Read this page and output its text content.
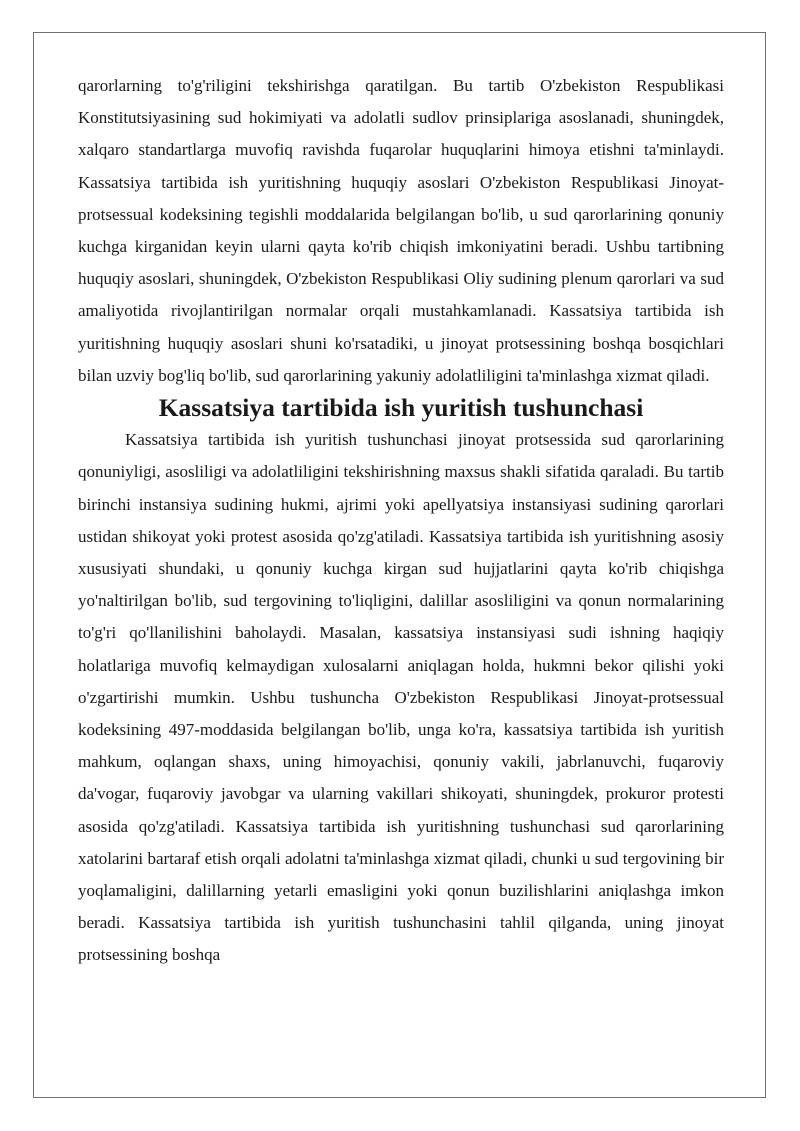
qarorlarning to'g'riligini tekshirishga qaratilgan. Bu tartib O'zbekiston Respublikasi Konstitutsiyasining sud hokimiyati va adolatli sudlov prinsiplariga asoslanadi, shuningdek, xalqaro standartlarga muvofiq ravishda fuqarolar huquqlarini himoya etishni ta'minlaydi. Kassatsiya tartibida ish yuritishning huquqiy asoslari O'zbekiston Respublikasi Jinoyat-protsessual kodeksining tegishli moddalarida belgilangan bo'lib, u sud qarorlarining qonuniy kuchga kirganidan keyin ularni qayta ko'rib chiqish imkoniyatini beradi. Ushbu tartibning huquqiy asoslari, shuningdek, O'zbekiston Respublikasi Oliy sudining plenum qarorlari va sud amaliyotida rivojlantirilgan normalar orqali mustahkamlanadi. Kassatsiya tartibida ish yuritishning huquqiy asoslari shuni ko'rsatadiki, u jinoyat protsessining boshqa bosqichlari bilan uzviy bog'liq bo'lib, sud qarorlarining yakuniy adolatliligini ta'minlashga xizmat qiladi.

Kassatsiya tartibida ish yuritish tushunchasi

Kassatsiya tartibida ish yuritish tushunchasi jinoyat protsessida sud qarorlarining qonuniyligi, asosliligi va adolatliligini tekshirishning maxsus shakli sifatida qaraladi. Bu tartib birinchi instansiya sudining hukmi, ajrimi yoki apellyatsiya instansiyasi sudining qarorlari ustidan shikoyat yoki protest asosida qo'zg'atiladi. Kassatsiya tartibida ish yuritishning asosiy xususiyati shundaki, u qonuniy kuchga kirgan sud hujjatlarini qayta ko'rib chiqishga yo'naltirilgan bo'lib, sud tergovining to'liqligini, dalillar asosliligini va qonun normalarining to'g'ri qo'llanilishini baholaydi. Masalan, kassatsiya instansiyasi sudi ishning haqiqiy holatlariga muvofiq kelmaydigan xulosalarni aniqlagan holda, hukmni bekor qilishi yoki o'zgartirishi mumkin. Ushbu tushuncha O'zbekiston Respublikasi Jinoyat-protsessual kodeksining 497-moddasida belgilangan bo'lib, unga ko'ra, kassatsiya tartibida ish yuritish mahkum, oqlangan shaxs, uning himoyachisi, qonuniy vakili, jabrlanuvchi, fuqaroviy da'vogar, fuqaroviy javobgar va ularning vakillari shikoyati, shuningdek, prokuror protesti asosida qo'zg'atiladi. Kassatsiya tartibida ish yuritishning tushunchasi sud qarorlarining xatolarini bartaraf etish orqali adolatni ta'minlashga xizmat qiladi, chunki u sud tergovining bir yoqlamaligini, dalillarning yetarli emasligini yoki qonun buzilishlarini aniqlashga imkon beradi. Kassatsiya tartibida ish yuritish tushunchasini tahlil qilganda, uning jinoyat protsessining boshqa
